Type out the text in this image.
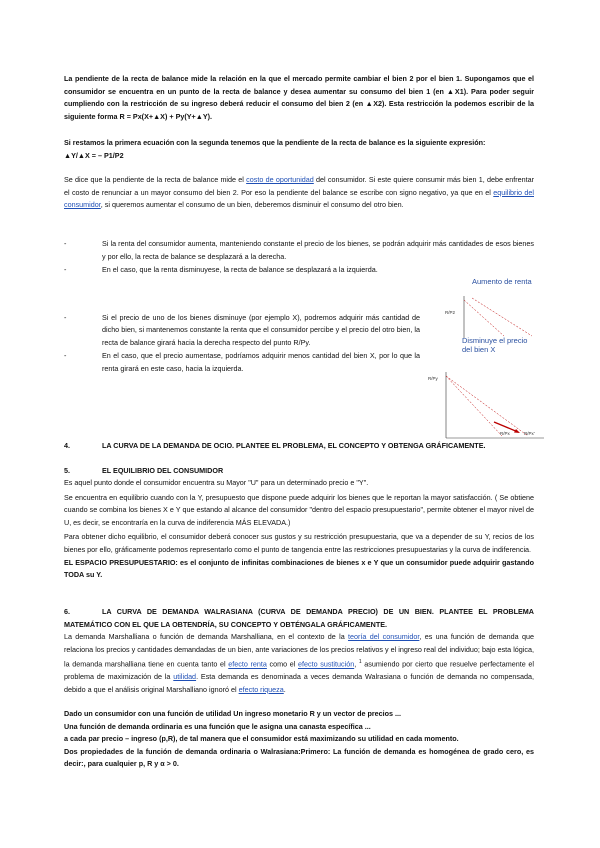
La pendiente de la recta de balance mide la relación en la que el mercado permite cambiar el bien 2 por el bien 1. Supongamos que el consumidor se encuentra en un punto de la recta de balance y desea aumentar su consumo del bien 1 (en ▲X1). Para poder seguir cumpliendo con la restricción de su ingreso deberá reducir el consumo del bien 2 (en ▲X2). Esta restricción la podemos escribir de la siguiente forma R = Px(X+▲X) + Py(Y+▲Y).

Si restamos la primera ecuación con la segunda tenemos que la pendiente de la recta de balance es la siguiente expresión:
▲Y/▲X = – P1/P2

Se dice que la pendiente de la recta de balance mide el costo de oportunidad del consumidor. Si este quiere consumir más bien 1, debe enfrentar el costo de renunciar a un mayor consumo del bien 2. Por eso la pendiente del balance se escribe con signo negativo, ya que en el equilibrio del consumidor, si queremos aumentar el consumo de un bien, deberemos disminuir el consumo del otro bien.

-	Si la renta del consumidor aumenta, manteniendo constante el precio de los bienes, se podrán adquirir más cantidades de esos bienes y por ello, la recta de balance se desplazará a la derecha.
-	En el caso, que la renta disminuyese, la recta de balance se desplazará a la izquierda.
-	Si el precio de uno de los bienes disminuye (por ejemplo X), podremos adquirir más cantidad de dicho bien, si mantenemos constante la renta que el consumidor percibe y el precio del otro bien, la recta de balance girará hacia la derecha respecto del punto R/Py.
-	En el caso, que el precio aumentase, podríamos adquirir menos cantidad del bien X, por lo que la renta girará en este caso, hacia la izquierda.
Aumento de renta
R/P2
Disminuye el precio del bien X
R/Py
R/Px	R/Px'
4.	LA CURVA DE LA DEMANDA DE OCIO. PLANTEE EL PROBLEMA, EL CONCEPTO Y OBTENGA GRÁFICAMENTE.
5.	EL EQUILIBRIO DEL CONSUMIDOR
Es aquel punto donde el consumidor encuentra su Mayor "U" para un determinado precio e "Y".
Se encuentra en equilibrio cuando con la Y, presupuesto que dispone puede adquirir los bienes que le reportan la mayor satisfacción. ( Se obtiene cuando se combina los bienes X e Y que estando al alcance del consumidor "dentro del espacio presupuestario", permite obtener el mayor nivel de U, es decir, se encontraría en la curva de indiferencia MÁS ELEVADA.)
Para obtener dicho equilibrio, el consumidor deberá conocer sus gustos y su restricción presupuestaria, que va a depender de su Y, recios de los bienes por ello, gráficamente podemos representarlo como el punto de tangencia entre las restricciones presupuestarias y la curva de indiferencia.
EL ESPACIO PRESUPUESTARIO: es el conjunto de infinitas combinaciones de bienes x e Y que un consumidor puede adquirir gastando TODA su Y.
6.	LA CURVA DE DEMANDA WALRASIANA (CURVA DE DEMANDA PRECIO) DE UN BIEN. PLANTEE EL PROBLEMA MATEMÁTICO CON EL QUE LA OBTENDRÍA, SU CONCEPTO Y OBTÉNGALA GRÁFICAMENTE.

La demanda Marshalliana o función de demanda Marshalliana, en el contexto de la teoría del consumidor, es una función de demanda que relaciona los precios y cantidades demandadas de un bien, ante variaciones de los precios relativos y el ingreso real del individuo; bajo esta lógica, la demanda marshalliana tiene en cuenta tanto el efecto renta como el efecto sustitución, $^1$ asumiendo por cierto que resuelve perfectamente el problema de maximización de la utilidad. Esta demanda es denominada a veces demanda Walrasiana o función de demanda no compensada, debido a que el análisis original Marshalliano ignoró el efecto riqueza.

Dado un consumidor con una función de utilidad Un ingreso monetario R y un vector de precios ...
Una función de demanda ordinaria es una función que le asigna una canasta específica ...
a cada par precio – ingreso (p,R), de tal manera que el consumidor está maximizando su utilidad en cada momento.
Dos propiedades de la función de demanda ordinaria o Walrasiana:Primero: La función de demanda es homogénea de grado cero, es decir:, para cualquier p, R y α > 0.
